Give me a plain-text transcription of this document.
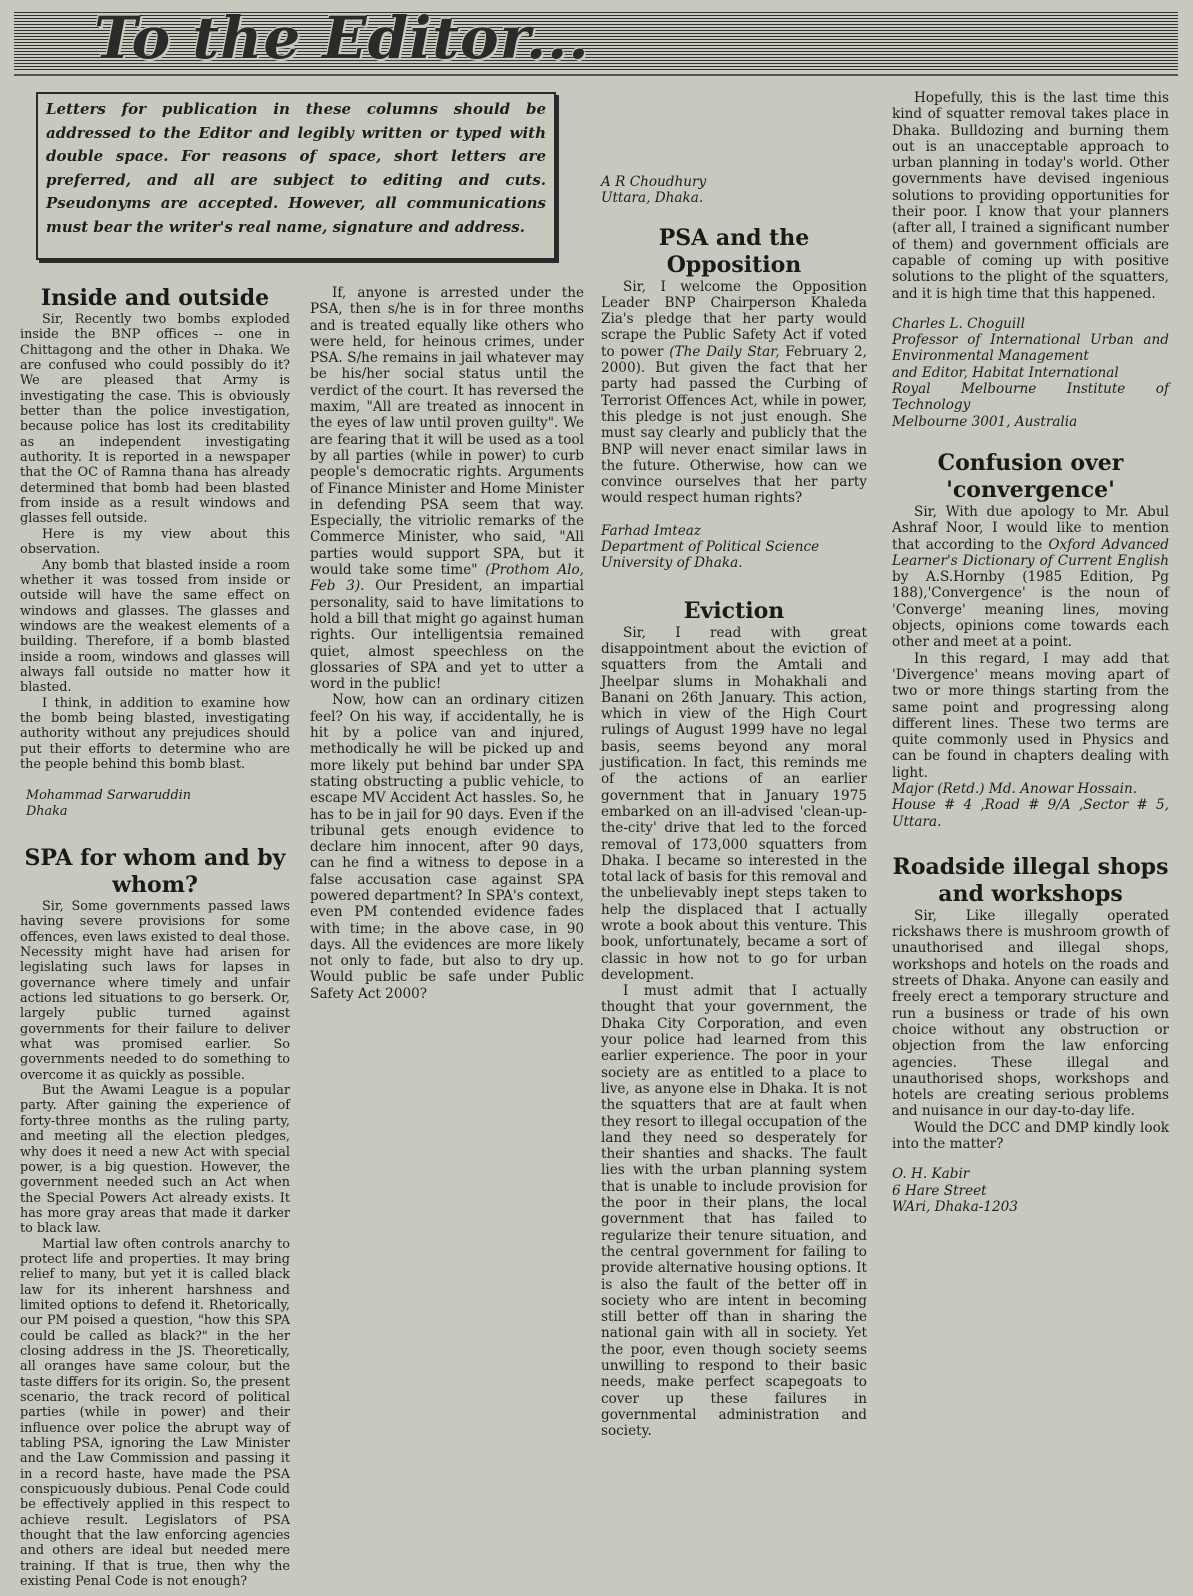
To the Editor...
Letters for publication in these columns should be addressed to the Editor and legibly written or typed with double space. For reasons of space, short letters are preferred, and all are subject to editing and cuts. Pseudonyms are accepted. However, all communications must bear the writer's real name, signature and address.
Inside and outside

Sir, Recently two bombs exploded inside the BNP offices -- one in Chittagong and the other in Dhaka. We are confused who could possibly do it? We are pleased that Army is investigating the case. This is obviously better than the police investigation, because police has lost its creditability as an independent investigating authority. It is reported in a newspaper that the OC of Ramna thana has already determined that bomb had been blasted from inside as a result windows and glasses fell outside.

Here is my view about this observation.

Any bomb that blasted inside a room whether it was tossed from inside or outside will have the same effect on windows and glasses. The glasses and windows are the weakest elements of a building. Therefore, if a bomb blasted inside a room, windows and glasses will always fall outside no matter how it blasted.

I think, in addition to examine how the bomb being blasted, investigating authority without any prejudices should put their efforts to determine who are the people behind this bomb blast.

Mohammad Sarwaruddin

Dhaka

SPA for whom and by whom?

Sir, Some governments passed laws having severe provisions for some offences, even laws existed to deal those. Necessity might have had arisen for legislating such laws for lapses in governance where timely and unfair actions led situations to go berserk. Or, largely public turned against governments for their failure to deliver what was promised earlier. So governments needed to do something to overcome it as quickly as possible.

But the Awami League is a popular party. After gaining the experience of forty-three months as the ruling party, and meeting all the election pledges, why does it need a new Act with special power, is a big question. However, the government needed such an Act when the Special Powers Act already exists. It has more gray areas that made it darker to black law.

Martial law often controls anarchy to protect life and properties. It may bring relief to many, but yet it is called black law for its inherent harshness and limited options to defend it. Rhetorically, our PM poised a question, "how this SPA could be called as black?" in the her closing address in the JS. Theoretically, all oranges have same colour, but the taste differs for its origin. So, the present scenario, the track record of political parties (while in power) and their influence over police the abrupt way of tabling PSA, ignoring the Law Minister and the Law Commission and passing it in a record haste, have made the PSA conspicuously dubious. Penal Code could be effectively applied in this respect to achieve result. Legislators of PSA thought that the law enforcing agencies and others are ideal but needed mere training. If that is true, then why the existing Penal Code is not enough?

If, anyone is arrested under the PSA, then s/he is in for three months and is treated equally like others who were held, for heinous crimes, under PSA. S/he remains in jail whatever may be his/her social status until the verdict of the court. It has reversed the maxim, "All are treated as innocent in the eyes of law until proven guilty". We are fearing that it will be used as a tool by all parties (while in power) to curb people's democratic rights. Arguments of Finance Minister and Home Minister in defending PSA seem that way. Especially, the vitriolic remarks of the Commerce Minister, who said, "All parties would support SPA, but it would take some time" (Prothom Alo, Feb 3). Our President, an impartial personality, said to have limitations to hold a bill that might go against human rights. Our intelligentsia remained quiet, almost speechless on the glossaries of SPA and yet to utter a word in the public!

Now, how can an ordinary citizen feel? On his way, if accidentally, he is hit by a police van and injured, methodically he will be picked up and more likely put behind bar under SPA stating obstructing a public vehicle, to escape MV Accident Act hassles. So, he has to be in jail for 90 days. Even if the tribunal gets enough evidence to declare him innocent, after 90 days, can he find a witness to depose in a false accusation case against SPA powered department? In SPA's context, even PM contended evidence fades with time; in the above case, in 90 days. All the evidences are more likely not only to fade, but also to dry up. Would public be safe under Public Safety Act 2000?

A R Choudhury

Uttara, Dhaka.

PSA and the Opposition

Sir, I welcome the Opposition Leader BNP Chairperson Khaleda Zia's pledge that her party would scrape the Public Safety Act if voted to power (The Daily Star, February 2, 2000). But given the fact that her party had passed the Curbing of Terrorist Offences Act, while in power, this pledge is not just enough. She must say clearly and publicly that the BNP will never enact similar laws in the future. Otherwise, how can we convince ourselves that her party would respect human rights?

Farhad Imteaz

Department of Political Science

University of Dhaka.

Eviction

Sir, I read with great disappointment about the eviction of squatters from the Amtali and Jheelpar slums in Mohakhali and Banani on 26th January. This action, which in view of the High Court rulings of August 1999 have no legal basis, seems beyond any moral justification. In fact, this reminds me of the actions of an earlier government that in January 1975 embarked on an ill-advised 'clean-up-the-city' drive that led to the forced removal of 173,000 squatters from Dhaka. I became so interested in the total lack of basis for this removal and the unbelievably inept steps taken to help the displaced that I actually wrote a book about this venture. This book, unfortunately, became a sort of classic in how not to go for urban development.

I must admit that I actually thought that your government, the Dhaka City Corporation, and even your police had learned from this earlier experience. The poor in your society are as entitled to a place to live, as anyone else in Dhaka. It is not the squatters that are at fault when they resort to illegal occupation of the land they need so desperately for their shanties and shacks. The fault lies with the urban planning system that is unable to include provision for the poor in their plans, the local government that has failed to regularize their tenure situation, and the central government for failing to provide alternative housing options. It is also the fault of the better off in society who are intent in becoming still better off than in sharing the national gain with all in society. Yet the poor, even though society seems unwilling to respond to their basic needs, make perfect scapegoats to cover up these failures in governmental administration and society.

Hopefully, this is the last time this kind of squatter removal takes place in Dhaka. Bulldozing and burning them out is an unacceptable approach to urban planning in today's world. Other governments have devised ingenious solutions to providing opportunities for their poor. I know that your planners (after all, I trained a significant number of them) and government officials are capable of coming up with positive solutions to the plight of the squatters, and it is high time that this happened.

Charles L. Choguill

Professor of International Urban and Environmental Management

and Editor, Habitat International

Royal Melbourne Institute of Technology

Melbourne 3001, Australia

Confusion over 'convergence'

Sir, With due apology to Mr. Abul Ashraf Noor, I would like to mention that according to the Oxford Advanced Learner's Dictionary of Current English by A.S.Hornby (1985 Edition, Pg 188),'Convergence' is the noun of 'Converge' meaning lines, moving objects, opinions come towards each other and meet at a point.

In this regard, I may add that 'Divergence' means moving apart of two or more things starting from the same point and progressing along different lines. These two terms are quite commonly used in Physics and can be found in chapters dealing with light.

Major (Retd.) Md. Anowar Hossain.

House # 4 ,Road # 9/A ,Sector # 5, Uttara.

Roadside illegal shops and workshops

Sir, Like illegally operated rickshaws there is mushroom growth of unauthorised and illegal shops, workshops and hotels on the roads and streets of Dhaka. Anyone can easily and freely erect a temporary structure and run a business or trade of his own choice without any obstruction or objection from the law enforcing agencies. These illegal and unauthorised shops, workshops and hotels are creating serious problems and nuisance in our day-to-day life.

Would the DCC and DMP kindly look into the matter?

O. H. Kabir

6 Hare Street

WAri, Dhaka-1203
